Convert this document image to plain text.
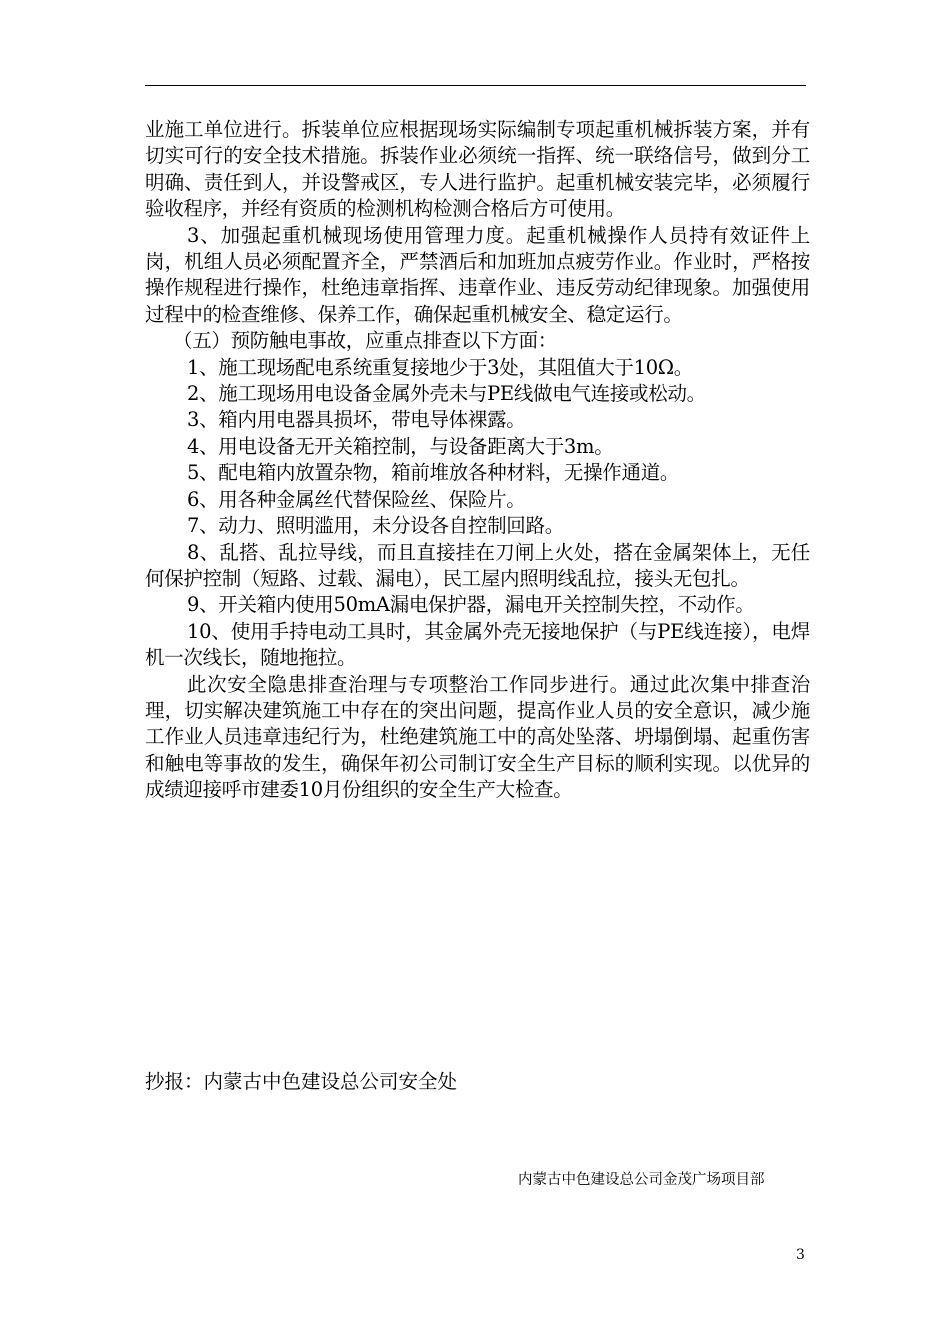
业施工单位进行。拆装单位应根据现场实际编制专项起重机械拆装方案，并有切实可行的安全技术措施。拆装作业必须统一指挥、统一联络信号，做到分工明确、责任到人，并设警戒区，专人进行监护。起重机械安装完毕，必须履行验收程序，并经有资质的检测机构检测合格后方可使用。

3、加强起重机械现场使用管理力度。起重机械操作人员持有效证件上岗，机组人员必须配置齐全，严禁酒后和加班加点疲劳作业。作业时，严格按操作规程进行操作，杜绝违章指挥、违章作业、违反劳动纪律现象。加强使用过程中的检查维修、保养工作，确保起重机械安全、稳定运行。

（五）预防触电事故，应重点排查以下方面：

1、施工现场配电系统重复接地少于3处，其阻值大于10Ω。

2、施工现场用电设备金属外壳未与PE线做电气连接或松动。

3、箱内用电器具损坏，带电导体裸露。

4、用电设备无开关箱控制，与设备距离大于3m。

5、配电箱内放置杂物，箱前堆放各种材料，无操作通道。

6、用各种金属丝代替保险丝、保险片。

7、动力、照明滥用，未分设各自控制回路。

8、乱搭、乱拉导线，而且直接挂在刀闸上火处，搭在金属架体上，无任何保护控制（短路、过载、漏电），民工屋内照明线乱拉，接头无包扎。

9、开关箱内使用50mA漏电保护器，漏电开关控制失控，不动作。

10、使用手持电动工具时，其金属外壳无接地保护（与PE线连接），电焊机一次线长，随地拖拉。

此次安全隐患排查治理与专项整治工作同步进行。通过此次集中排查治理，切实解决建筑施工中存在的突出问题，提高作业人员的安全意识，减少施工作业人员违章违纪行为，杜绝建筑施工中的高处坠落、坍塌倒塌、起重伤害和触电等事故的发生，确保年初公司制订安全生产目标的顺利实现。以优异的成绩迎接呼市建委10月份组织的安全生产大检查。

抄报：内蒙古中色建设总公司安全处
内蒙古中色建设总公司金茂广场项目部
3
